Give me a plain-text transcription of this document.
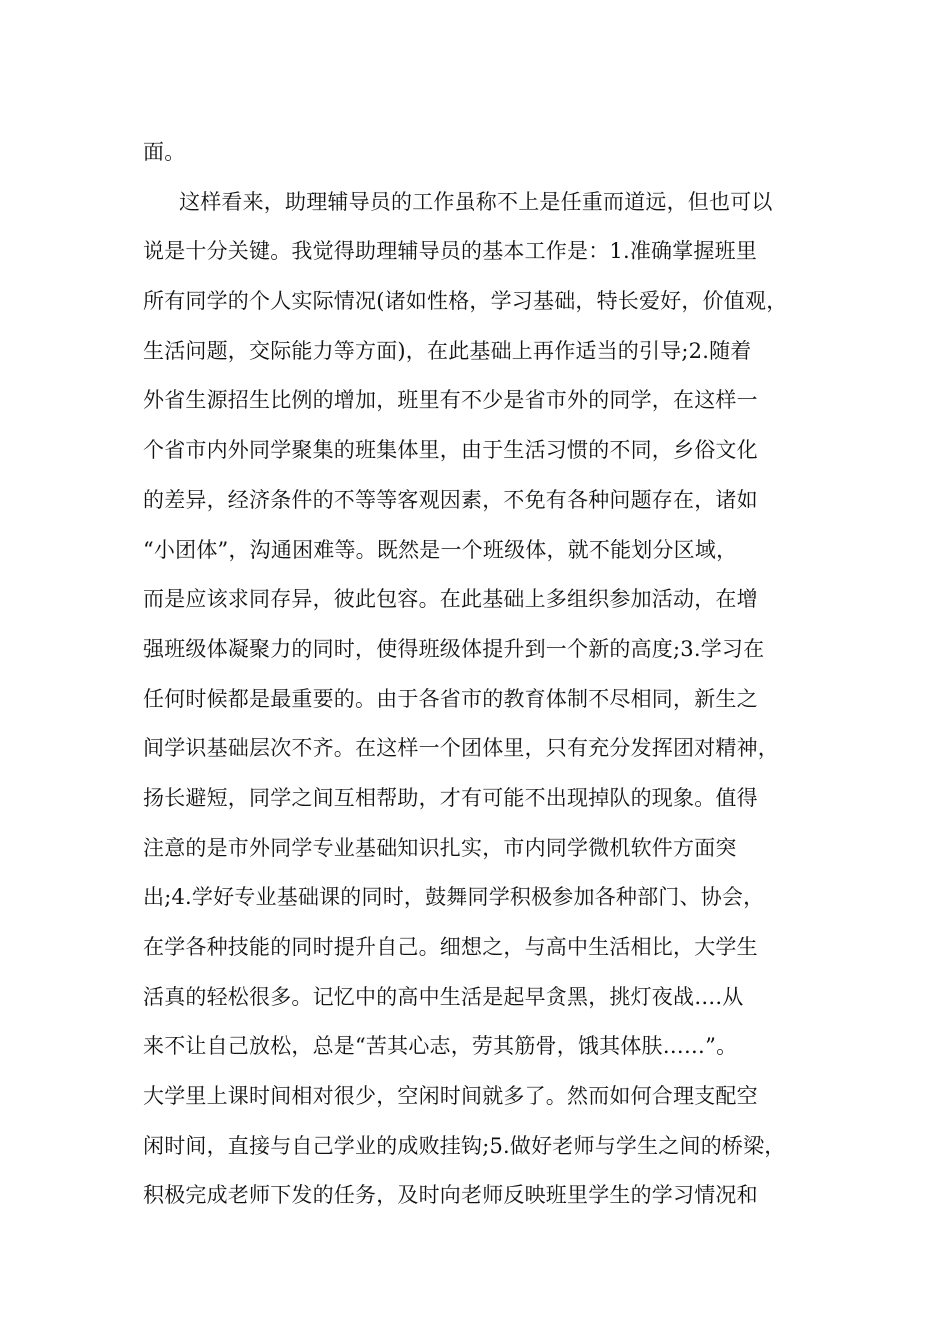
面。
这样看来，助理辅导员的工作虽称不上是任重而道远，但也可以
说是十分关键。我觉得助理辅导员的基本工作是：1.准确掌握班里
所有同学的个人实际情况(诸如性格，学习基础，特长爱好，价值观，
生活问题，交际能力等方面)，在此基础上再作适当的引导;2.随着
外省生源招生比例的增加，班里有不少是省市外的同学，在这样一
个省市内外同学聚集的班集体里，由于生活习惯的不同，乡俗文化
的差异，经济条件的不等等客观因素，不免有各种问题存在，诸如
“小团体”，沟通困难等。既然是一个班级体，就不能划分区域，
而是应该求同存异，彼此包容。在此基础上多组织参加活动，在增
强班级体凝聚力的同时，使得班级体提升到一个新的高度;3.学习在
任何时候都是最重要的。由于各省市的教育体制不尽相同，新生之
间学识基础层次不齐。在这样一个团体里，只有充分发挥团对精神，
扬长避短，同学之间互相帮助，才有可能不出现掉队的现象。值得
注意的是市外同学专业基础知识扎实，市内同学微机软件方面突
出;4.学好专业基础课的同时，鼓舞同学积极参加各种部门、协会，
在学各种技能的同时提升自己。细想之，与高中生活相比，大学生
活真的轻松很多。记忆中的高中生活是起早贪黑，挑灯夜战….从
来不让自己放松，总是“苦其心志，劳其筋骨，饿其体肤……”。
大学里上课时间相对很少，空闲时间就多了。然而如何合理支配空
闲时间，直接与自己学业的成败挂钩;5.做好老师与学生之间的桥梁，
积极完成老师下发的任务，及时向老师反映班里学生的学习情况和
